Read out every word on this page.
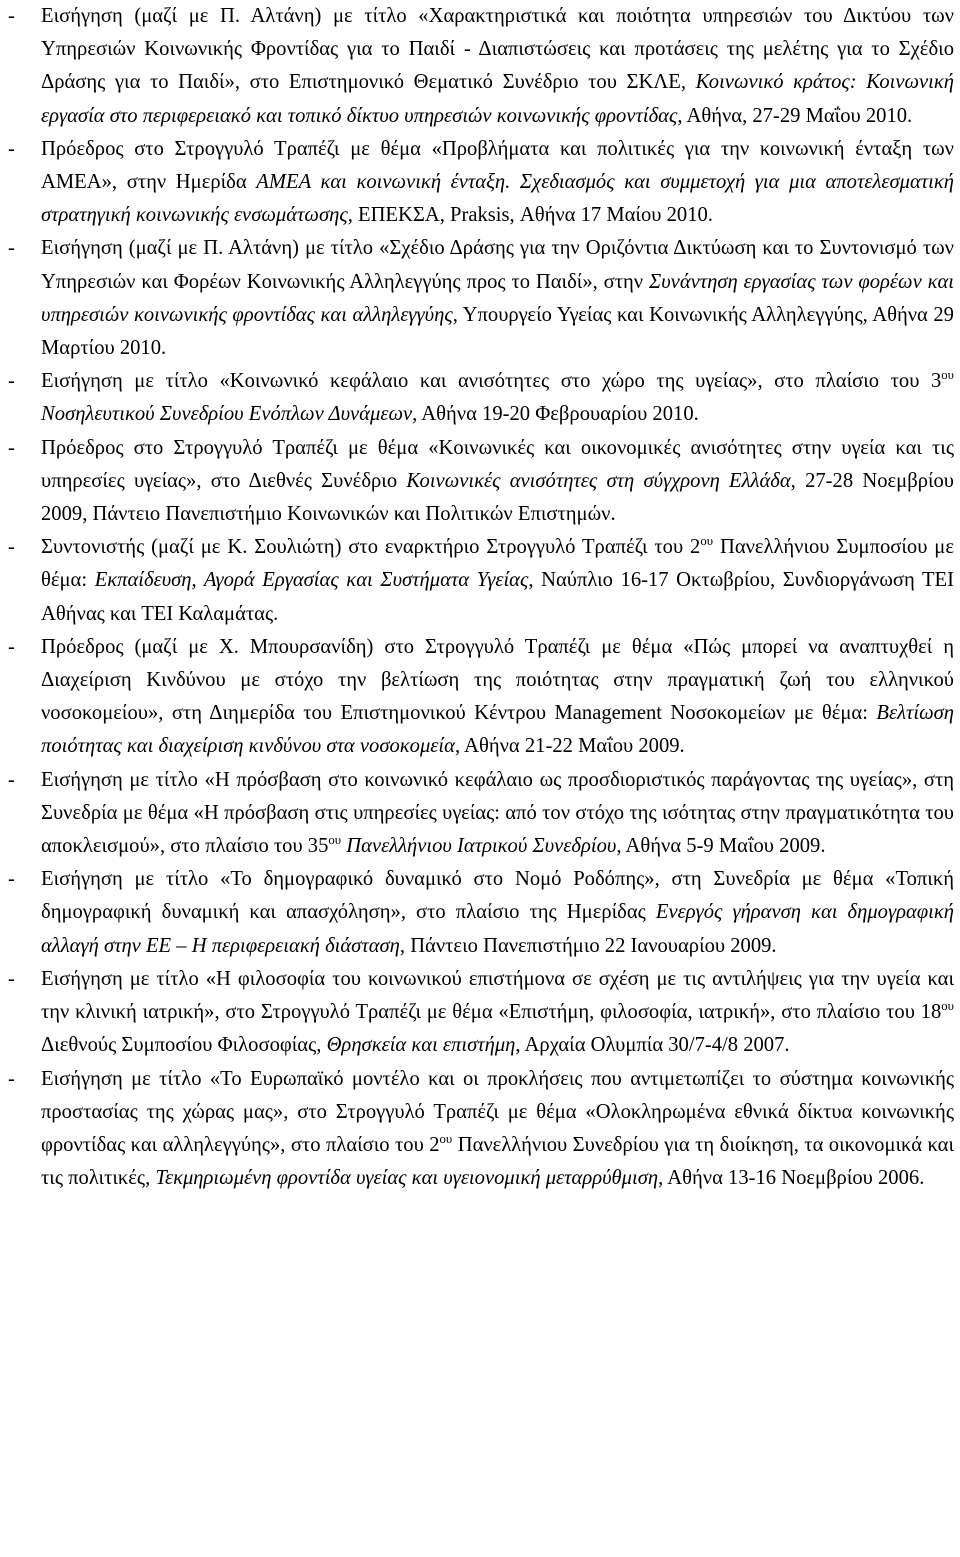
- Εισήγηση (μαζί με Π. Αλτάνη) με τίτλο «Χαρακτηριστικά και ποιότητα υπηρεσιών του Δικτύου των Υπηρεσιών Κοινωνικής Φροντίδας για το Παιδί - Διαπιστώσεις και προτάσεις της μελέτης για το Σχέδιο Δράσης για το Παιδί», στο Επιστημονικό Θεματικό Συνέδριο του ΣΚΛΕ, Κοινωνικό κράτος: Κοινωνική εργασία στο περιφερειακό και τοπικό δίκτυο υπηρεσιών κοινωνικής φροντίδας, Αθήνα, 27-29 Μαΐου 2010.
- Πρόεδρος στο Στρογγυλό Τραπέζι με θέμα «Προβλήματα και πολιτικές για την κοινωνική ένταξη των ΑΜΕΑ», στην Ημερίδα ΑΜΕΑ και κοινωνική ένταξη. Σχεδιασμός και συμμετοχή για μια αποτελεσματική στρατηγική κοινωνικής ενσωμάτωσης, ΕΠΕΚΣΑ, Praksis, Αθήνα 17 Μαίου 2010.
- Εισήγηση (μαζί με Π. Αλτάνη) με τίτλο «Σχέδιο Δράσης για την Οριζόντια Δικτύωση και το Συντονισμό των Υπηρεσιών και Φορέων Κοινωνικής Αλληλεγγύης προς το Παιδί», στην Συνάντηση εργασίας των φορέων και υπηρεσιών κοινωνικής φροντίδας και αλληλεγγύης, Υπουργείο Υγείας και Κοινωνικής Αλληλεγγύης, Αθήνα 29 Μαρτίου 2010.
- Εισήγηση με τίτλο «Κοινωνικό κεφάλαιο και ανισότητες στο χώρο της υγείας», στο πλαίσιο του $3^{o\upsilon}$ Νοσηλευτικού Συνεδρίου Ενόπλων Δυνάμεων, Αθήνα 19-20 Φεβρουαρίου 2010.
- Πρόεδρος στο Στρογγυλό Τραπέζι με θέμα «Κοινωνικές και οικονομικές ανισότητες στην υγεία και τις υπηρεσίες υγείας», στο Διεθνές Συνέδριο Κοινωνικές ανισότητες στη σύγχρονη Ελλάδα, 27-28 Νοεμβρίου 2009, Πάντειο Πανεπιστήμιο Κοινωνικών και Πολιτικών Επιστημών.
- Συντονιστής (μαζί με Κ. Σουλιώτη) στο εναρκτήριο Στρογγυλό Τραπέζι του $2^{o\upsilon}$ Πανελλήνιου Συμποσίου με θέμα: Εκπαίδευση, Αγορά Εργασίας και Συστήματα Υγείας, Ναύπλιο 16-17 Οκτωβρίου, Συνδιοργάνωση ΤΕΙ Αθήνας και ΤΕΙ Καλαμάτας.
- Πρόεδρος (μαζί με Χ. Μπουρσανίδη) στο Στρογγυλό Τραπέζι με θέμα «Πώς μπορεί να αναπτυχθεί η Διαχείριση Κινδύνου με στόχο την βελτίωση της ποιότητας στην πραγματική ζωή του ελληνικού νοσοκομείου», στη Διημερίδα του Επιστημονικού Κέντρου Management Νοσοκομείων με θέμα: Βελτίωση ποιότητας και διαχείριση κινδύνου στα νοσοκομεία, Αθήνα 21-22 Μαΐου 2009.
- Εισήγηση με τίτλο «Η πρόσβαση στο κοινωνικό κεφάλαιο ως προσδιοριστικός παράγοντας της υγείας», στη Συνεδρία με θέμα «Η πρόσβαση στις υπηρεσίες υγείας: από τον στόχο της ισότητας στην πραγματικότητα του αποκλεισμού», στο πλαίσιο του $35^{o\upsilon}$ Πανελλήνιου Ιατρικού Συνεδρίου, Αθήνα 5-9 Μαΐου 2009.
- Εισήγηση με τίτλο «Το δημογραφικό δυναμικό στο Νομό Ροδόπης», στη Συνεδρία με θέμα «Τοπική δημογραφική δυναμική και απασχόληση», στο πλαίσιο της Ημερίδας Ενεργός γήρανση και δημογραφική αλλαγή στην ΕΕ – Η περιφερειακή διάσταση, Πάντειο Πανεπιστήμιο 22 Ιανουαρίου 2009.
- Εισήγηση με τίτλο «Η φιλοσοφία του κοινωνικού επιστήμονα σε σχέση με τις αντιλήψεις για την υγεία και την κλινική ιατρική», στο Στρογγυλό Τραπέζι με θέμα «Επιστήμη, φιλοσοφία, ιατρική», στο πλαίσιο του $18^{o\upsilon}$ Διεθνούς Συμποσίου Φιλοσοφίας, Θρησκεία και επιστήμη, Αρχαία Ολυμπία 30/7-4/8 2007.
- Εισήγηση με τίτλο «Το Ευρωπαϊκό μοντέλο και οι προκλήσεις που αντιμετωπίζει το σύστημα κοινωνικής προστασίας της χώρας μας», στο Στρογγυλό Τραπέζι με θέμα «Ολοκληρωμένα εθνικά δίκτυα κοινωνικής φροντίδας και αλληλεγγύης», στο πλαίσιο του $2^{o\upsilon}$ Πανελλήνιου Συνεδρίου για τη διοίκηση, τα οικονομικά και τις πολιτικές, Τεκμηριωμένη φροντίδα υγείας και υγειονομική μεταρρύθμιση, Αθήνα 13-16 Νοεμβρίου 2006.
